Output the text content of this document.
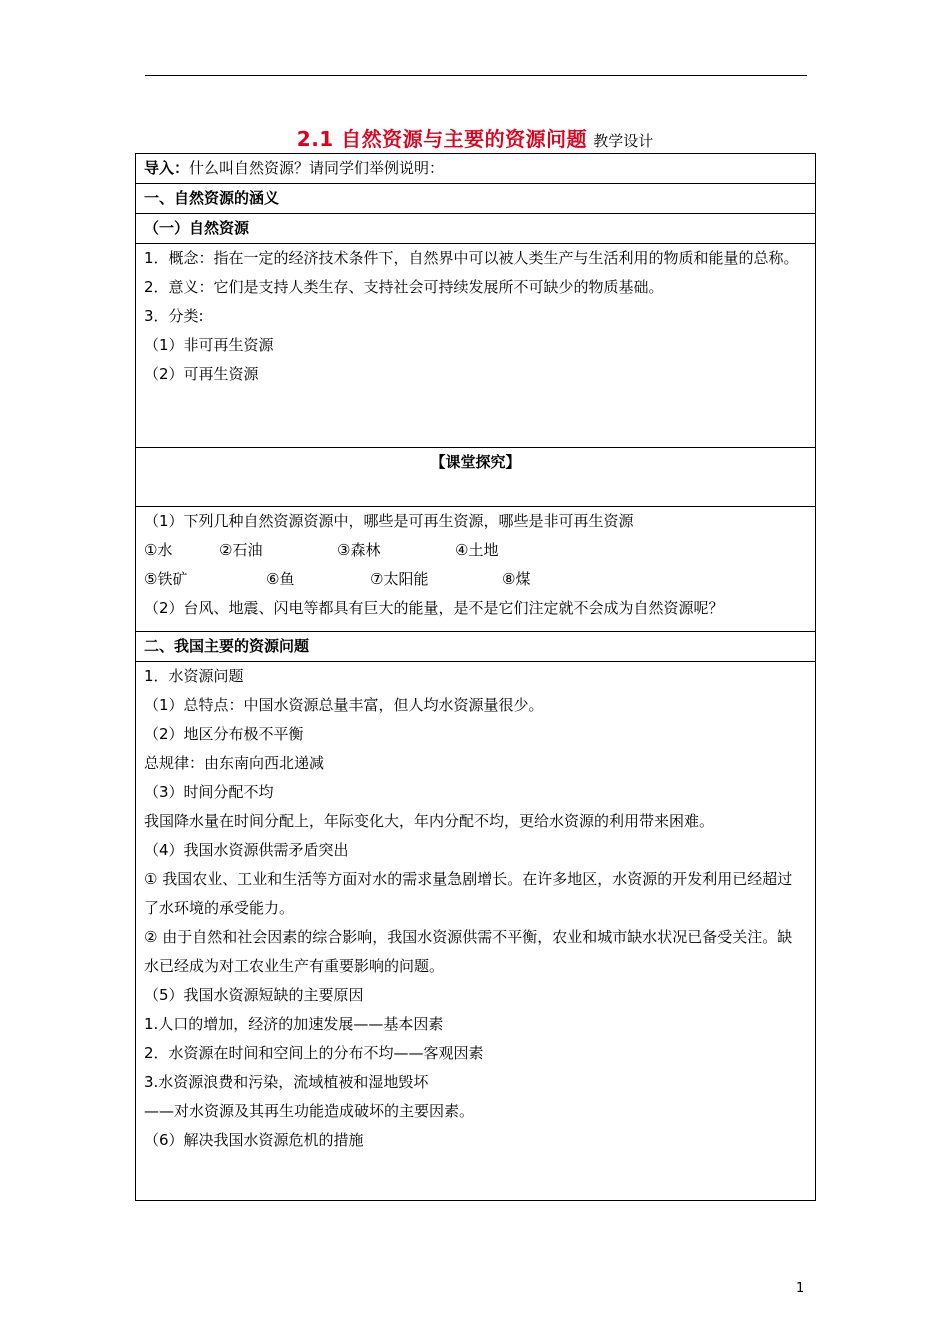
2.1 自然资源与主要的资源问题 教学设计
导入：什么叫自然资源？请同学们举例说明：

一、自然资源的涵义

（一）自然资源

1．概念：指在一定的经济技术条件下，自然界中可以被人类生产与生活利用的物质和能量的总称。
2．意义：它们是支持人类生存、支持社会可持续发展所不可缺少的物质基础。
3．分类:
（1）非可再生资源
（2）可再生资源

【课堂探究】

（1）下列几种自然资源资源中，哪些是可再生资源，哪些是非可再生资源
①水	②石油	③森林	④土地
⑤铁矿	⑥鱼	⑦太阳能	⑧煤
（2）台风、地震、闪电等都具有巨大的能量，是不是它们注定就不会成为自然资源呢？

二、我国主要的资源问题

1．水资源问题
（1）总特点：中国水资源总量丰富，但人均水资源量很少。
（2）地区分布极不平衡
总规律：由东南向西北递减
（3）时间分配不均
我国降水量在时间分配上，年际变化大，年内分配不均，更给水资源的利用带来困难。
（4）我国水资源供需矛盾突出
① 我国农业、工业和生活等方面对水的需求量急剧增长。在许多地区，水资源的开发利用已经超过了水环境的承受能力。
② 由于自然和社会因素的综合影响，我国水资源供需不平衡，农业和城市缺水状况已备受关注。缺水已经成为对工农业生产有重要影响的问题。
（5）我国水资源短缺的主要原因
1.人口的增加，经济的加速发展——基本因素
2．水资源在时间和空间上的分布不均——客观因素
3.水资源浪费和污染，流域植被和湿地毁坏
——对水资源及其再生功能造成破坏的主要因素。
（6）解决我国水资源危机的措施
1
